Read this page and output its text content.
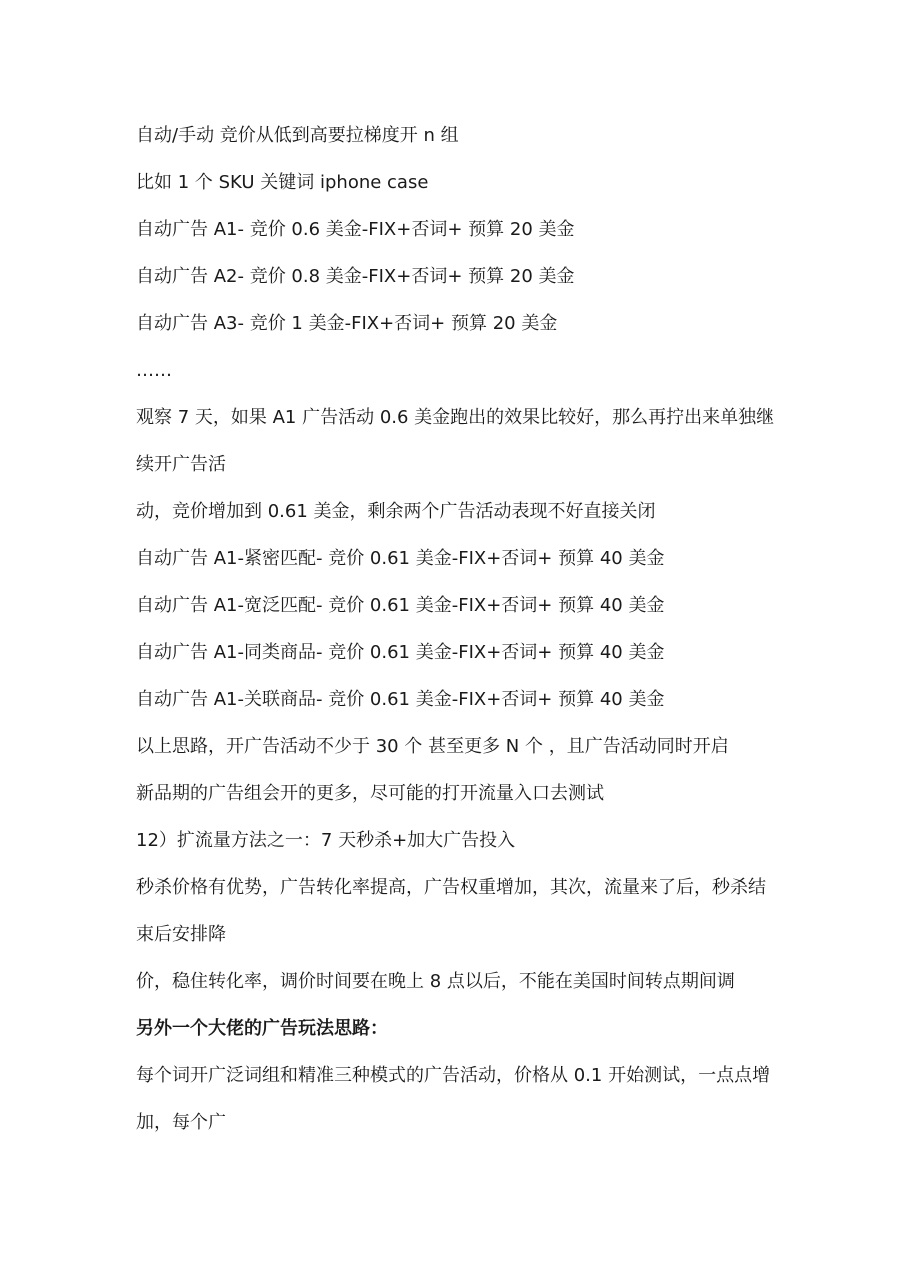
自动/手动 竞价从低到高要拉梯度开 n 组
比如 1 个 SKU 关键词 iphone case
自动广告 A1- 竞价 0.6 美金-FIX+否词+ 预算 20 美金
自动广告 A2- 竞价 0.8 美金-FIX+否词+ 预算 20 美金
自动广告 A3- 竞价 1 美金-FIX+否词+ 预算 20 美金
……
观察 7 天，如果 A1 广告活动 0.6 美金跑出的效果比较好，那么再拧出来单独继
续开广告活
动，竞价增加到 0.61 美金，剩余两个广告活动表现不好直接关闭
自动广告 A1-紧密匹配- 竞价 0.61 美金-FIX+否词+ 预算 40 美金
自动广告 A1-宽泛匹配- 竞价 0.61 美金-FIX+否词+ 预算 40 美金
自动广告 A1-同类商品- 竞价 0.61 美金-FIX+否词+ 预算 40 美金
自动广告 A1-关联商品- 竞价 0.61 美金-FIX+否词+ 预算 40 美金
以上思路，开广告活动不少于 30 个 甚至更多 N 个 ，且广告活动同时开启
新品期的广告组会开的更多，尽可能的打开流量入口去测试
12）扩流量方法之一：7 天秒杀+加大广告投入
秒杀价格有优势，广告转化率提高，广告权重增加，其次，流量来了后，秒杀结
束后安排降
价，稳住转化率，调价时间要在晚上 8 点以后，不能在美国时间转点期间调
另外一个大佬的广告玩法思路：
每个词开广泛词组和精准三种模式的广告活动，价格从 0.1 开始测试，一点点增
加，每个广
